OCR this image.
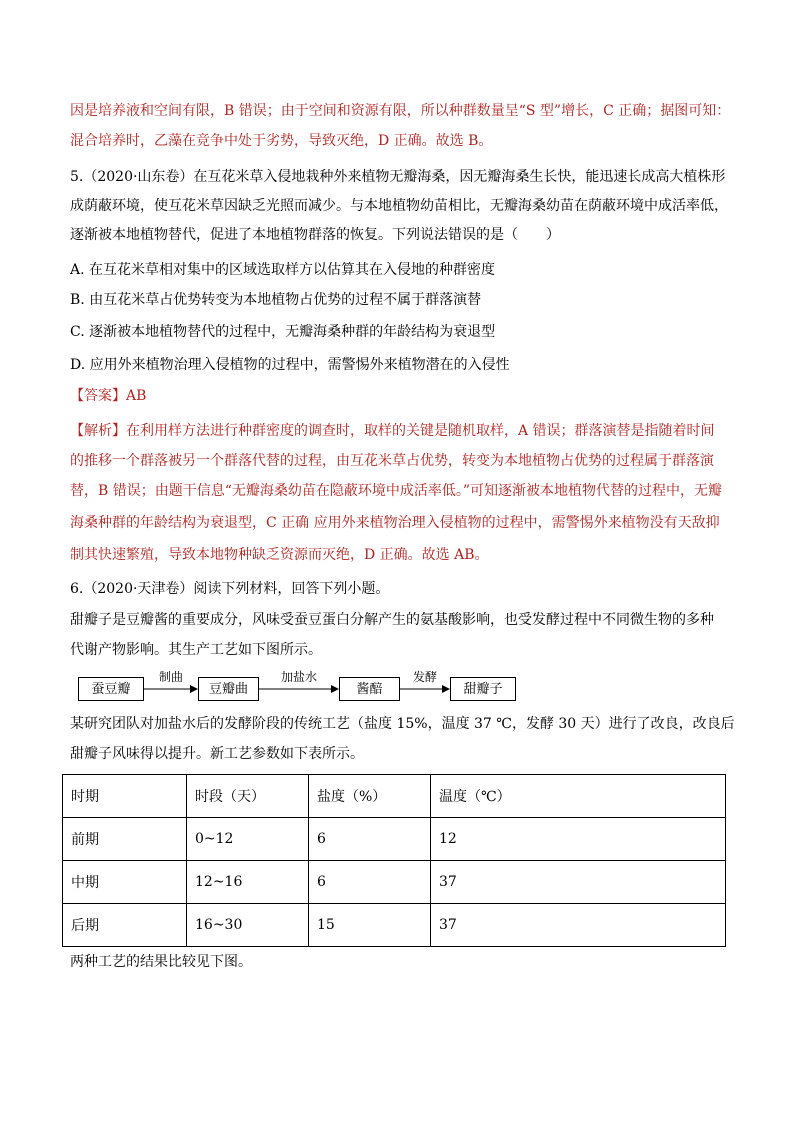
因是培养液和空间有限，B 错误；由于空间和资源有限，所以种群数量呈“S 型”增长，C 正确；据图可知：
混合培养时，乙藻在竞争中处于劣势，导致灭绝，D 正确。故选 B。
5.（2020·山东卷）在互花米草入侵地栽种外来植物无瓣海桑，因无瓣海桑生长快，能迅速长成高大植株形
成荫蔽环境，使互花米草因缺乏光照而减少。与本地植物幼苗相比，无瓣海桑幼苗在荫蔽环境中成活率低，
逐渐被本地植物替代，促进了本地植物群落的恢复。下列说法错误的是（　　）
A. 在互花米草相对集中的区域选取样方以估算其在入侵地的种群密度
B. 由互花米草占优势转变为本地植物占优势的过程不属于群落演替
C. 逐渐被本地植物替代的过程中，无瓣海桑种群的年龄结构为衰退型
D. 应用外来植物治理入侵植物的过程中，需警惕外来植物潜在的入侵性
【答案】AB
【解析】在利用样方法进行种群密度的调查时，取样的关键是随机取样，A 错误；群落演替是指随着时间
的推移一个群落被另一个群落代替的过程，由互花米草占优势，转变为本地植物占优势的过程属于群落演
替，B 错误；由题干信息“无瓣海桑幼苗在隐蔽环境中成活率低。”可知逐渐被本地植物代替的过程中，无瓣
海桑种群的年龄结构为衰退型，C 正确 应用外来植物治理入侵植物的过程中，需警惕外来植物没有天敌抑
制其快速繁殖，导致本地物种缺乏资源而灭绝，D 正确。故选 AB。
6.（2020·天津卷）阅读下列材料，回答下列小题。
甜瓣子是豆瓣酱的重要成分，风味受蚕豆蛋白分解产生的氨基酸影响，也受发酵过程中不同微生物的多种
代谢产物影响。其生产工艺如下图所示。
蚕豆瓣
制曲
豆瓣曲
加盐水
酱醅
发酵
甜瓣子
某研究团队对加盐水后的发酵阶段的传统工艺（盐度 15%，温度 37 ℃，发酵 30 天）进行了改良，改良后
甜瓣子风味得以提升。新工艺参数如下表所示。
时期	时段（天）	盐度（%）	温度（℃）
前期	0~12	6	12
中期	12~16	6	37
后期	16~30	15	37
两种工艺的结果比较见下图。
